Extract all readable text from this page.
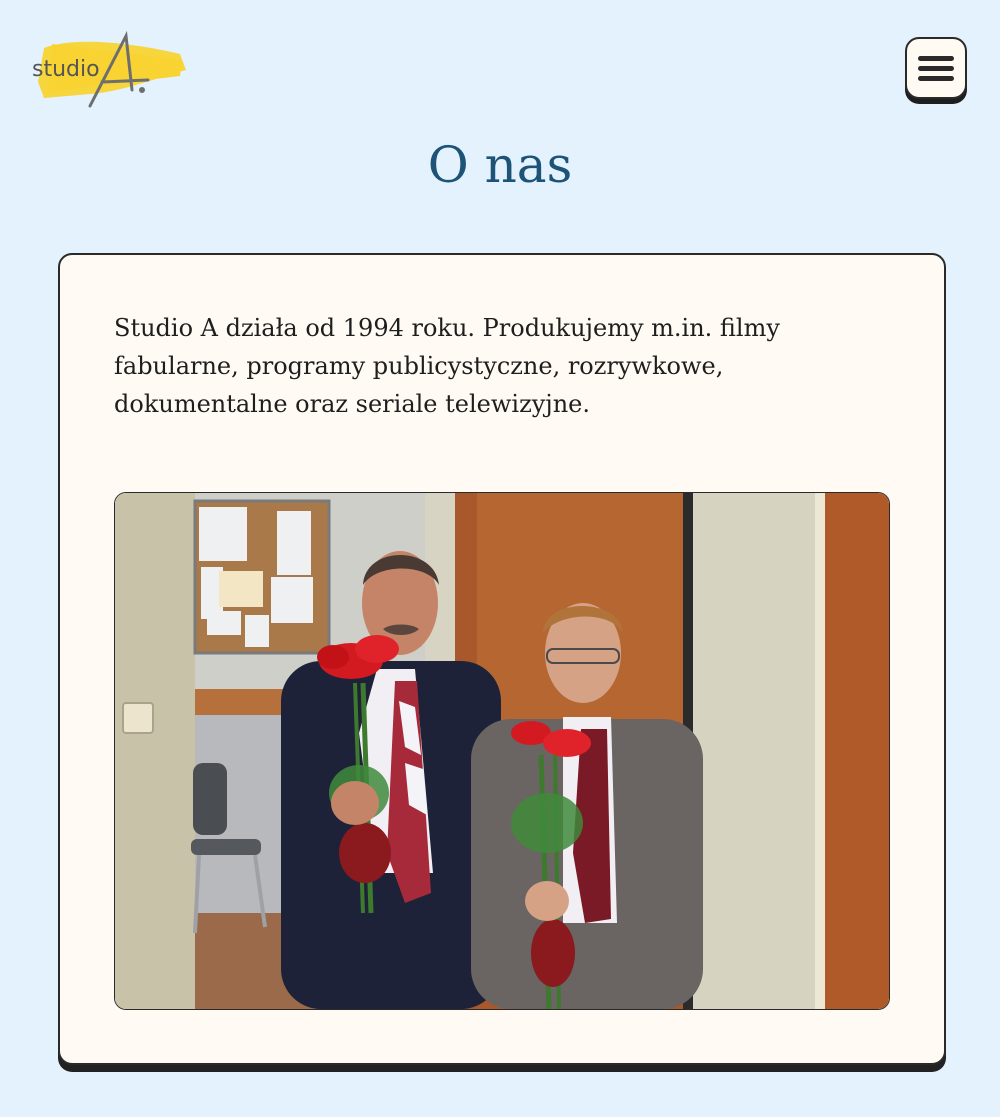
studio
O nas

Studio A działa od 1994 roku. Produkujemy m.in. filmy fabularne, programy publicystyczne, rozrywkowe, dokumentalne oraz seriale telewizyjne.
